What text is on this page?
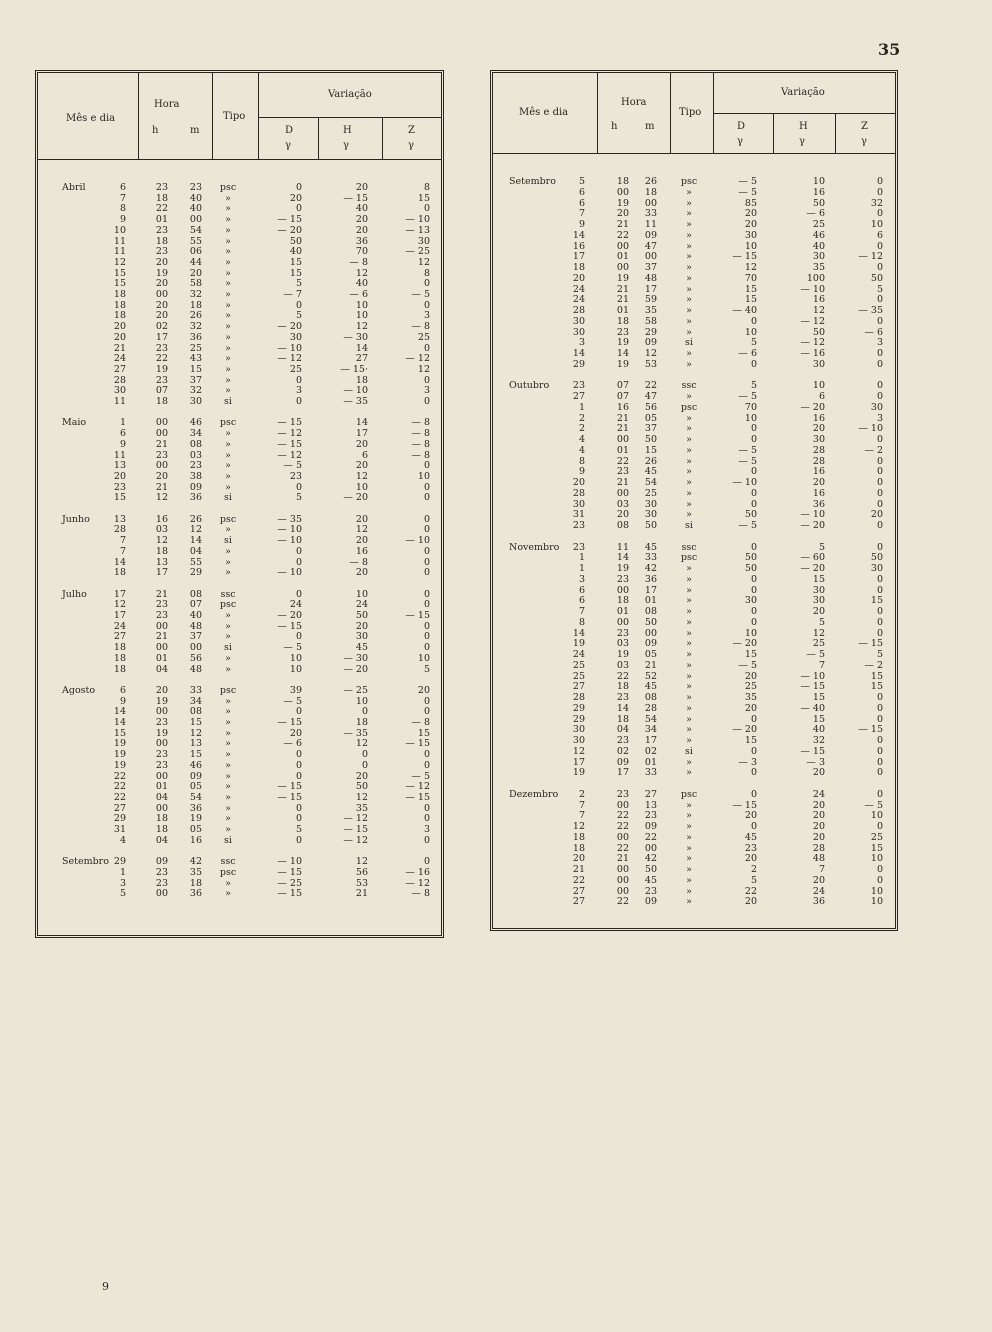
35
9
Mês e dia
Hora
h	m
Tipo
Variação
D
γ
H
γ
Z
γ
Abril	6	23	23	psc	0	20	8
7	18	40	»	20	— 15	15
8	22	40	»	0	40	0
9	01	00	»	— 15	20	— 10
10	23	54	»	— 20	20	— 13
11	18	55	»	50	36	30
11	23	06	»	40	70	— 25
12	20	44	»	15	— 8	12
15	19	20	»	15	12	8
15	20	58	»	5	40	0
18	00	32	»	— 7	— 6	— 5
18	20	18	»	0	10	0
18	20	26	»	5	10	3
20	02	32	»	— 20	12	— 8
20	17	36	»	30	— 30	25
21	23	25	»	— 10	14	0
24	22	43	»	— 12	27	— 12
27	19	15	»	25	— 15·	12
28	23	37	»	0	18	0
30	07	32	»	3	— 10	3
11	18	30	si	0	— 35	0
Maio	1	00	46	psc	— 15	14	— 8
6	00	34	»	— 12	17	— 8
9	21	08	»	— 15	20	— 8
11	23	03	»	— 12	6	— 8
13	00	23	»	— 5	20	0
20	20	38	»	23	12	10
23	21	09	»	0	10	0
15	12	36	si	5	— 20	0
Junho	13	16	26	psc	— 35	20	0
28	03	12	»	— 10	12	0
7	12	14	si	— 10	20	— 10
7	18	04	»	0	16	0
14	13	55	»	0	— 8	0
18	17	29	»	— 10	20	0
Julho	17	21	08	ssc	0	10	0
12	23	07	psc	24	24	0
17	23	40	»	— 20	50	— 15
24	00	48	»	— 15	20	0
27	21	37	»	0	30	0
18	00	00	si	— 5	45	0
18	01	56	»	10	— 30	10
18	04	48	»	10	— 20	5
Agosto	6	20	33	psc	39	— 25	20
9	19	34	»	— 5	10	0
14	00	08	»	0	0	0
14	23	15	»	— 15	18	— 8
15	19	12	»	20	— 35	15
19	00	13	»	— 6	12	— 15
19	23	15	»	0	0	0
19	23	46	»	0	0	0
22	00	09	»	0	20	— 5
22	01	05	»	— 15	50	— 12
22	04	54	»	— 15	12	— 15
27	00	36	»	0	35	0
29	18	19	»	0	— 12	0
31	18	05	»	5	— 15	3
4	04	16	si	0	— 12	0
Setembro 29	09	42	ssc	— 10	12	0
1	23	35	psc	— 15	56	— 16
3	23	18	»	— 25	53	— 12
5	00	36	»	— 15	21	— 8
Mês e dia
Hora
h	m
Tipo
Variação
D
γ
H
γ
Z
γ
Setembro	5	18	26	psc	— 5	10	0
6	00	18	»	— 5	16	0
6	19	00	»	85	50	32
7	20	33	»	20	— 6	0
9	21	11	»	20	25	10
14	22	09	»	30	46	6
16	00	47	»	10	40	0
17	01	00	»	— 15	30	— 12
18	00	37	»	12	35	0
20	19	48	»	70	100	50
24	21	17	»	15	— 10	5
24	21	59	»	15	16	0
28	01	35	»	— 40	12	— 35
30	18	58	»	0	— 12	0
30	23	29	»	10	50	— 6
3	19	09	si	5	— 12	3
14	14	12	»	— 6	— 16	0
29	19	53	»	0	30	0
Outubro 23	07	22	ssc	5	10	0
27	07	47	»	— 5	6	0
1	16	56	psc	70	— 20	30
2	21	05	»	10	16	3
2	21	37	»	0	20	— 10
4	00	50	»	0	30	0
4	01	15	»	— 5	28	— 2
8	22	26	»	— 5	28	0
9	23	45	»	0	16	0
20	21	54	»	— 10	20	0
28	00	25	»	0	16	0
30	03	30	»	0	36	0
31	20	30	»	50	— 10	20
23	08	50	si	— 5	— 20	0
Novembro 23	11	45	ssc	0	5	0
1	14	33	psc	50	— 60	50
1	19	42	»	50	— 20	30
3	23	36	»	0	15	0
6	00	17	»	0	30	0
6	18	01	»	30	30	15
7	01	08	»	0	20	0
8	00	50	»	0	5	0
14	23	00	»	10	12	0
19	03	09	»	— 20	25	— 15
24	19	05	»	15	— 5	5
25	03	21	»	— 5	7	— 2
25	22	52	»	20	— 10	15
27	18	45	»	25	— 15	15
28	23	08	»	35	15	0
29	14	28	»	20	— 40	0
29	18	54	»	0	15	0
30	04	34	»	— 20	40	— 15
30	23	17	»	15	32	0
12	02	02	si	0	— 15	0
17	09	01	»	— 3	— 3	0
19	17	33	»	0	20	0
Dezembro	2	23	27	psc	0	24	0
7	00	13	»	— 15	20	— 5
7	22	23	»	20	20	10
12	22	09	»	0	20	0
18	00	22	»	45	20	25
18	22	00	»	23	28	15
20	21	42	»	20	48	10
21	00	50	»	2	7	0
22	00	45	»	5	20	0
27	00	23	»	22	24	10
27	22	09	»	20	36	10
